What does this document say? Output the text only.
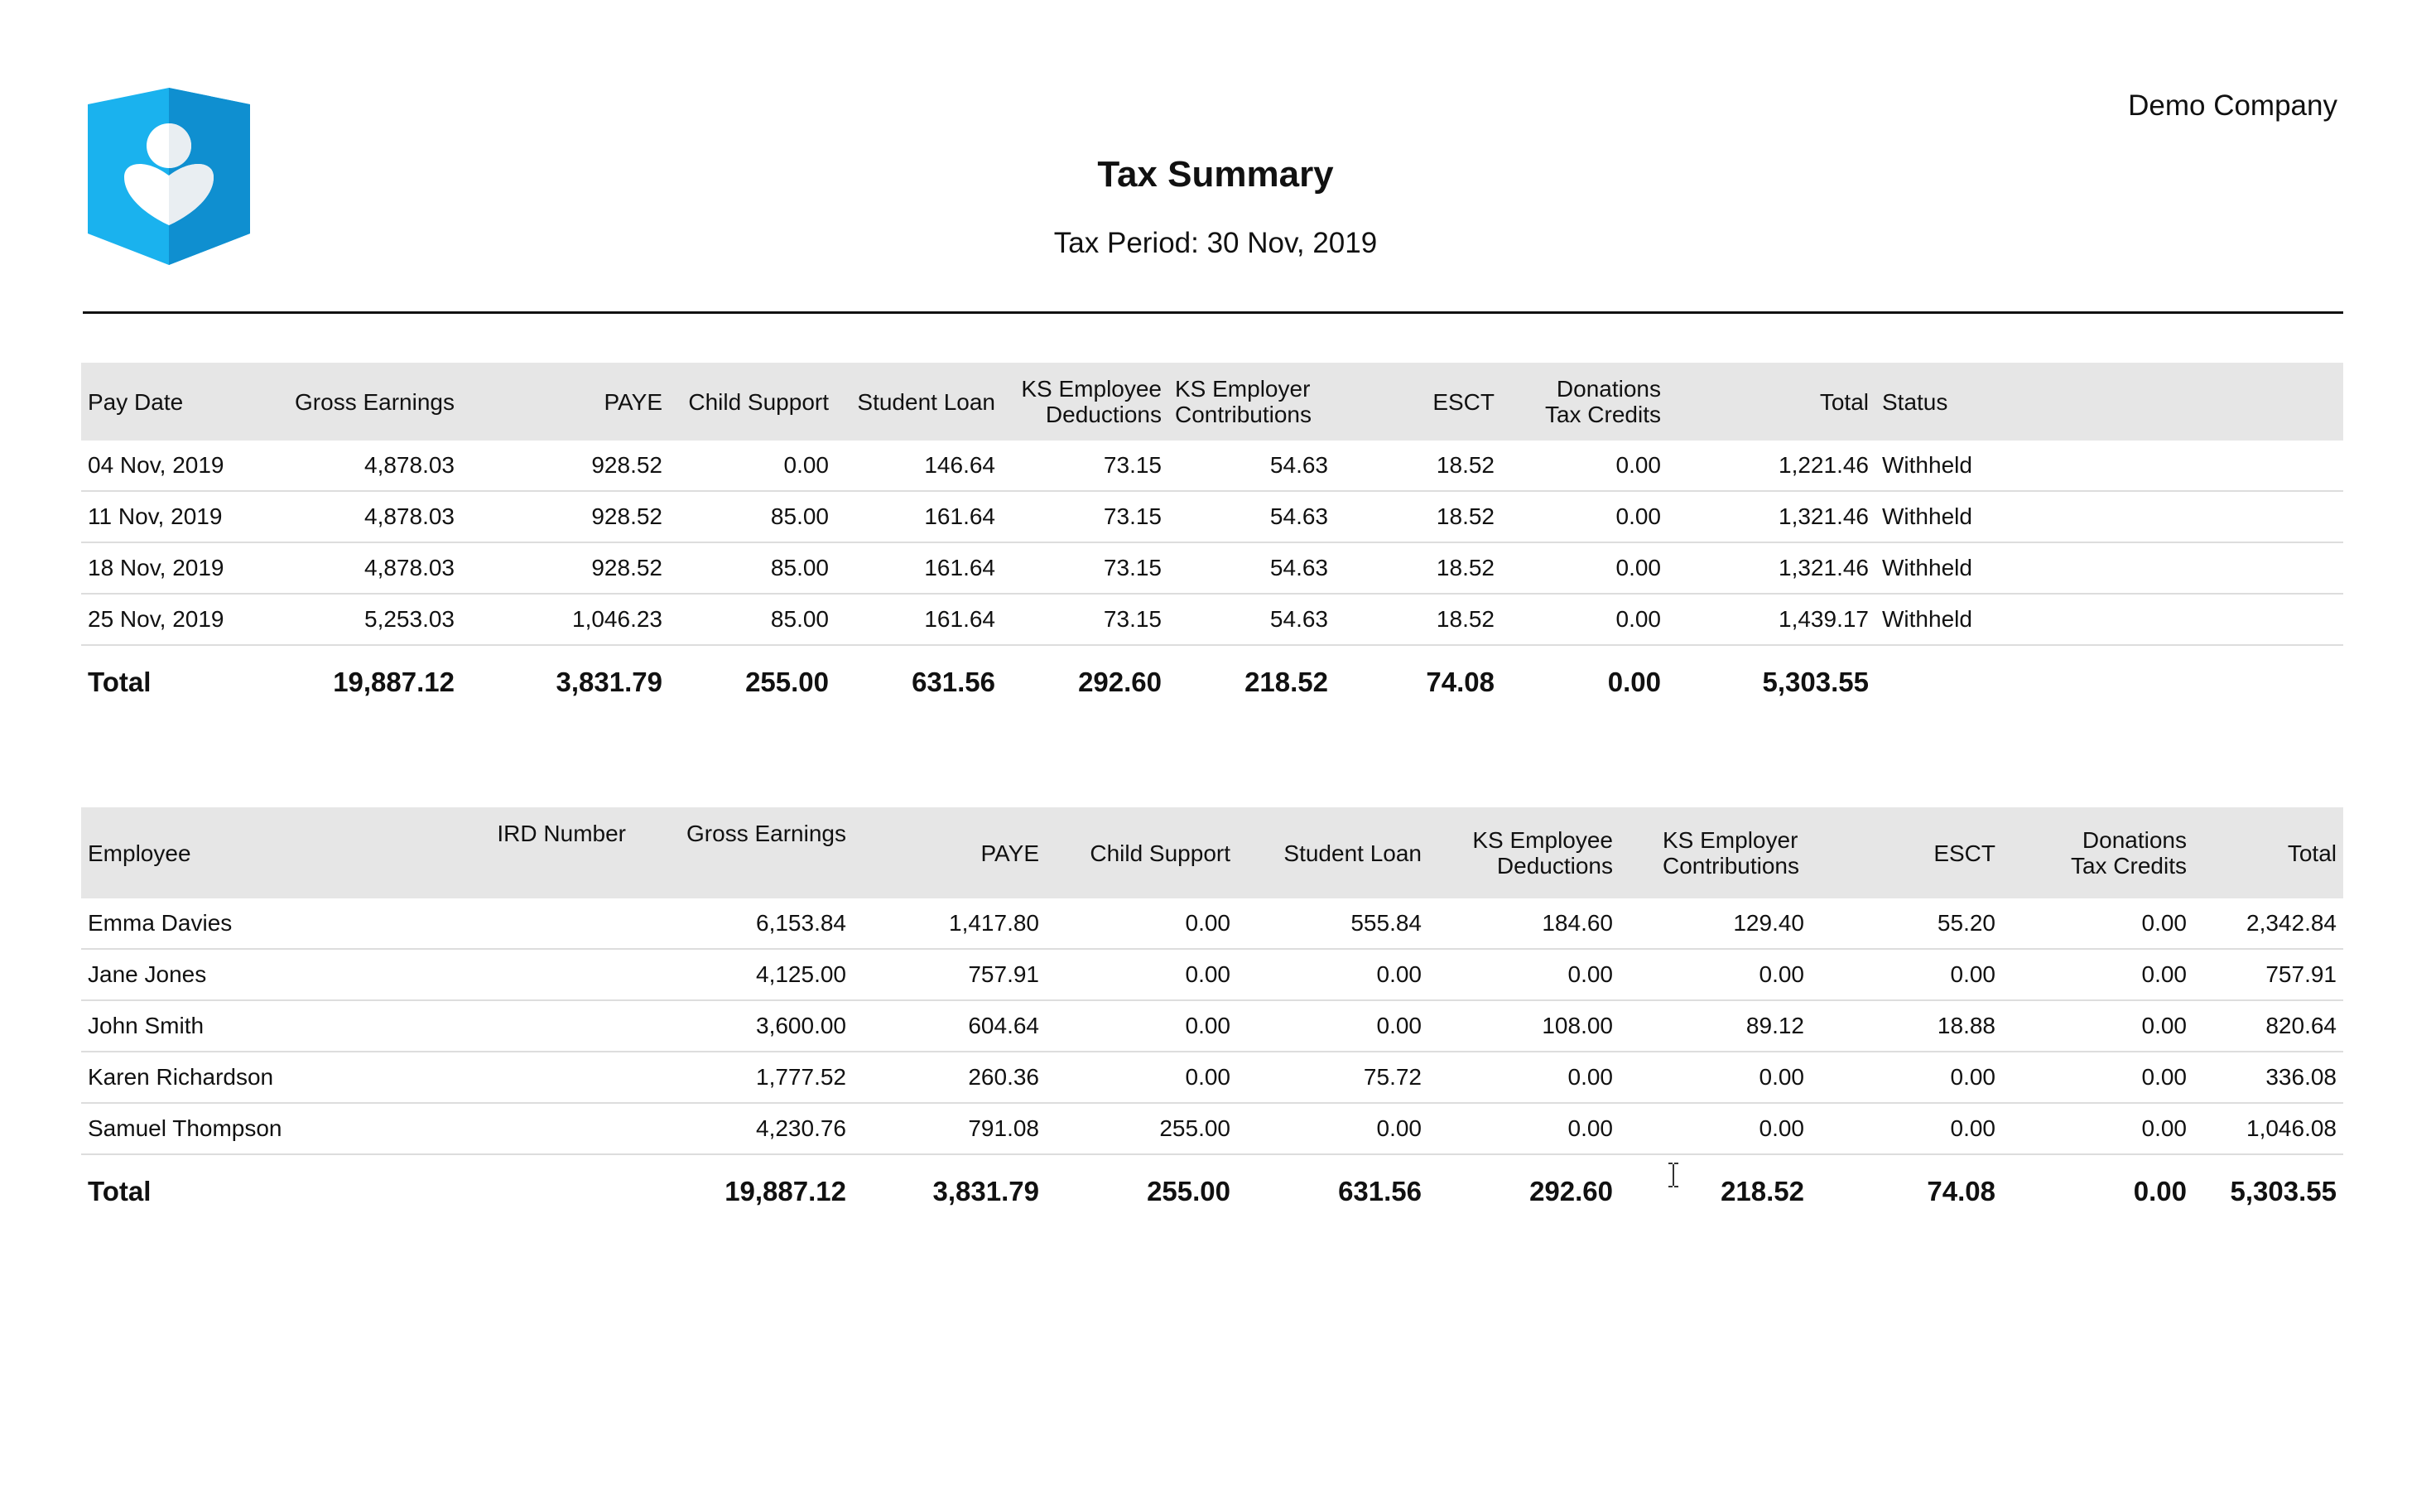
Demo Company
Tax Summary
Tax Period: 30 Nov, 2019
Pay Date	Gross Earnings	PAYE	Child Support	Student Loan	KS Employee
Deductions	KS Employer
Contributions	ESCT	Donations
Tax Credits	Total	Status
04 Nov, 2019	4,878.03	928.52	0.00	146.64	73.15	54.63	18.52	0.00	1,221.46	Withheld
11 Nov, 2019	4,878.03	928.52	85.00	161.64	73.15	54.63	18.52	0.00	1,321.46	Withheld
18 Nov, 2019	4,878.03	928.52	85.00	161.64	73.15	54.63	18.52	0.00	1,321.46	Withheld
25 Nov, 2019	5,253.03	1,046.23	85.00	161.64	73.15	54.63	18.52	0.00	1,439.17	Withheld
Total	19,887.12	3,831.79	255.00	631.56	292.60	218.52	74.08	0.00	5,303.55	
Employee	IRD Number	Gross Earnings	PAYE	Child Support	Student Loan	KS Employee
Deductions	KS Employer
Contributions	ESCT	Donations
Tax Credits	Total
Emma Davies		6,153.84	1,417.80	0.00	555.84	184.60	129.40	55.20	0.00	2,342.84
Jane Jones		4,125.00	757.91	0.00	0.00	0.00	0.00	0.00	0.00	757.91
John Smith		3,600.00	604.64	0.00	0.00	108.00	89.12	18.88	0.00	820.64
Karen Richardson		1,777.52	260.36	0.00	75.72	0.00	0.00	0.00	0.00	336.08
Samuel Thompson		4,230.76	791.08	255.00	0.00	0.00	0.00	0.00	0.00	1,046.08
Total		19,887.12	3,831.79	255.00	631.56	292.60	218.52	74.08	0.00	5,303.55
